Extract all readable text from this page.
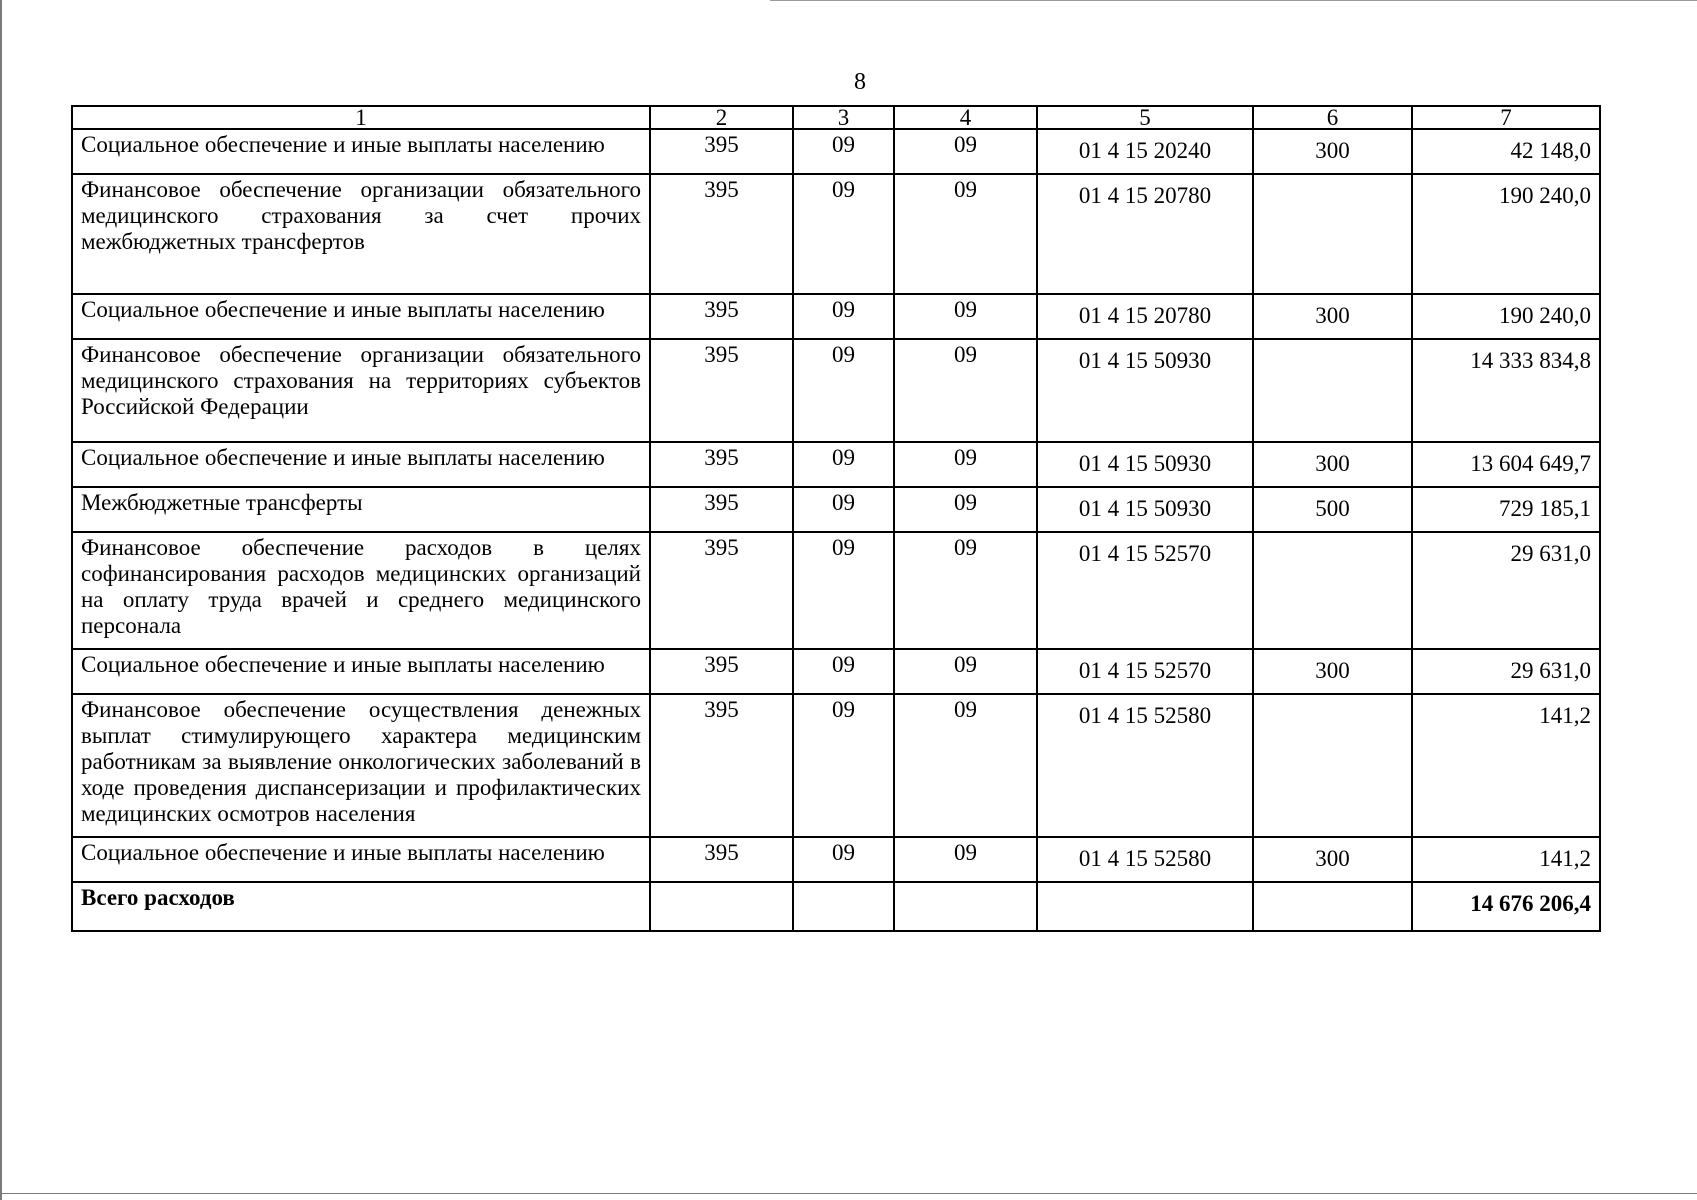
8
1	2	3	4	5	6	7
Социальное обеспечение и иные выплаты населению	395	09	09	01 4 15 20240	300	42 148,0
Финансовое обеспечение организации обязательного медицинского страхования за счет прочих межбюджетных трансфертов	395	09	09	01 4 15 20780		190 240,0
Социальное обеспечение и иные выплаты населению	395	09	09	01 4 15 20780	300	190 240,0
Финансовое обеспечение организации обязательного медицинского страхования на территориях субъектов Российской Федерации	395	09	09	01 4 15 50930		14 333 834,8
Социальное обеспечение и иные выплаты населению	395	09	09	01 4 15 50930	300	13 604 649,7
Межбюджетные трансферты	395	09	09	01 4 15 50930	500	729 185,1
Финансовое обеспечение расходов в целях софинансирования расходов медицинских организаций на оплату труда врачей и среднего медицинского персонала	395	09	09	01 4 15 52570		29 631,0
Социальное обеспечение и иные выплаты населению	395	09	09	01 4 15 52570	300	29 631,0
Финансовое обеспечение осуществления денежных выплат стимулирующего характера медицинским работникам за выявление онкологических заболеваний в ходе проведения диспансеризации и профилактических медицинских осмотров населения	395	09	09	01 4 15 52580		141,2
Социальное обеспечение и иные выплаты населению	395	09	09	01 4 15 52580	300	141,2
Всего расходов						14 676 206,4
